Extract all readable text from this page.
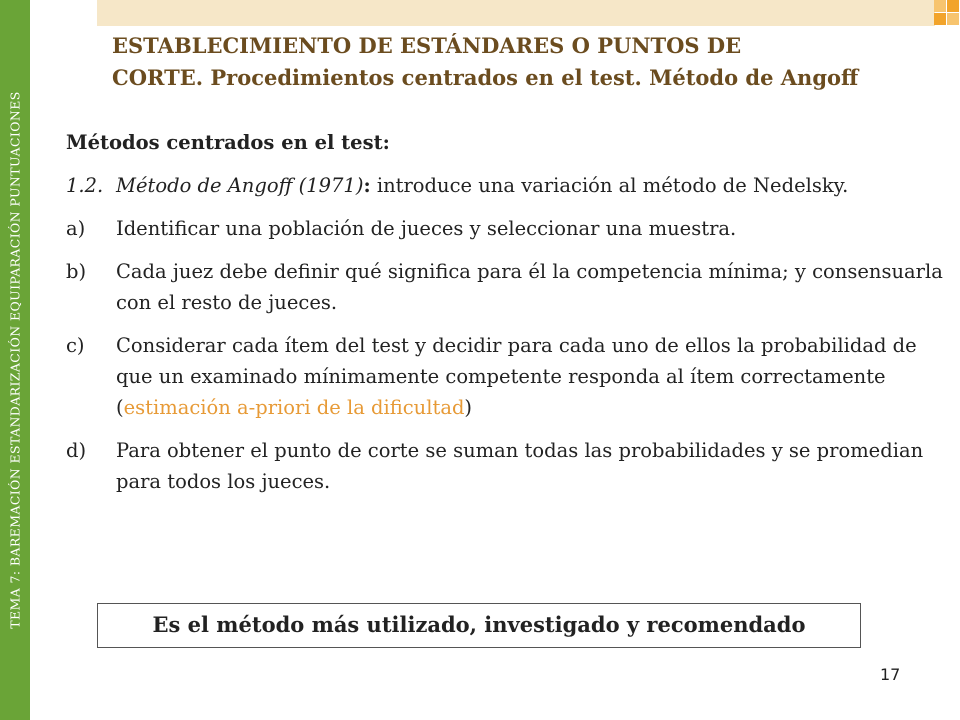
TEMA 7: BAREMACIÓN ESTANDARIZACIÓN EQUIPARACIÓN PUNTUACIONES
ESTABLECIMIENTO DE ESTÁNDARES O PUNTOS DE
CORTE. Procedimientos centrados en el test. Método de Angoff
Métodos centrados en el test:
1.2. Método de Angoff (1971): introduce una variación al método de Nedelsky.
a)	Identificar una población de jueces y seleccionar una muestra.
b)	Cada juez debe definir qué significa para él la competencia mínima; y consensuarla con el resto de jueces.
c)	Considerar cada ítem del test y decidir para cada uno de ellos la probabilidad de que un examinado mínimamente competente responda al ítem correctamente (estimación a-priori de la dificultad)
d)	Para obtener el punto de corte se suman todas las probabilidades y se promedian para todos los jueces.
Es el método más utilizado, investigado y recomendado
17
